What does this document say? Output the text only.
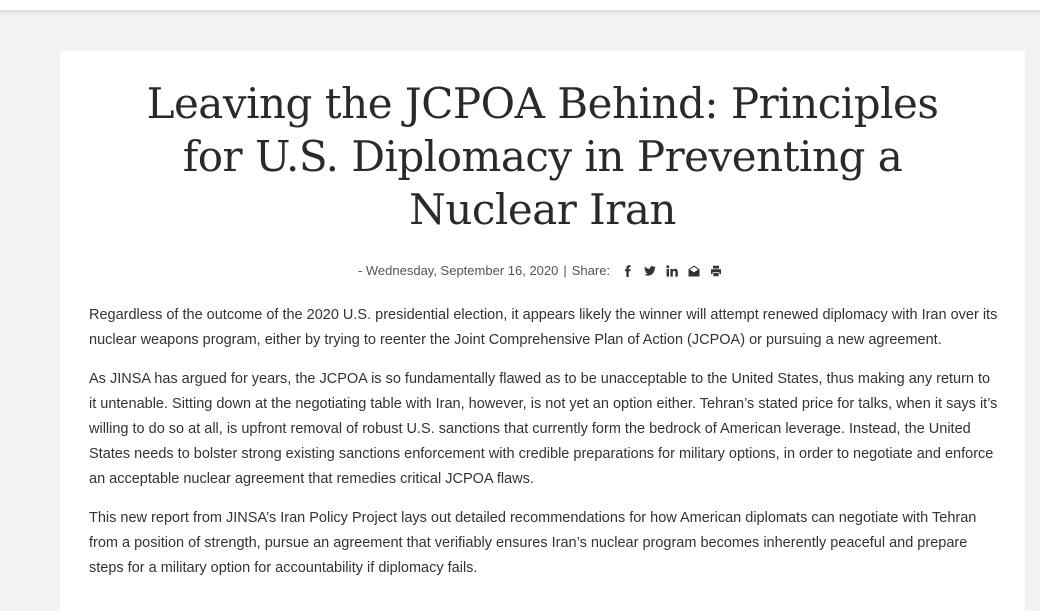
Leaving the JCPOA Behind: Principles
for U.S. Diplomacy in Preventing a
Nuclear Iran
- Wednesday, September 16, 2020 | Share:

Regardless of the outcome of the 2020 U.S. presidential election, it appears likely the winner will attempt renewed diplomacy with Iran over its nuclear weapons program, either by trying to reenter the Joint Comprehensive Plan of Action (JCPOA) or pursuing a new agreement.

As JINSA has argued for years, the JCPOA is so fundamentally flawed as to be unacceptable to the United States, thus making any return to it untenable. Sitting down at the negotiating table with Iran, however, is not yet an option either. Tehran’s stated price for talks, when it says it’s willing to do so at all, is upfront removal of robust U.S. sanctions that currently form the bedrock of American leverage. Instead, the United States needs to bolster strong existing sanctions enforcement with credible preparations for military options, in order to negotiate and enforce an acceptable nuclear agreement that remedies critical JCPOA flaws.

This new report from JINSA’s Iran Policy Project lays out detailed recommendations for how American diplomats can negotiate with Tehran from a position of strength, pursue an agreement that verifiably ensures Iran’s nuclear program becomes inherently peaceful and prepare steps for a military option for accountability if diplomacy fails.
